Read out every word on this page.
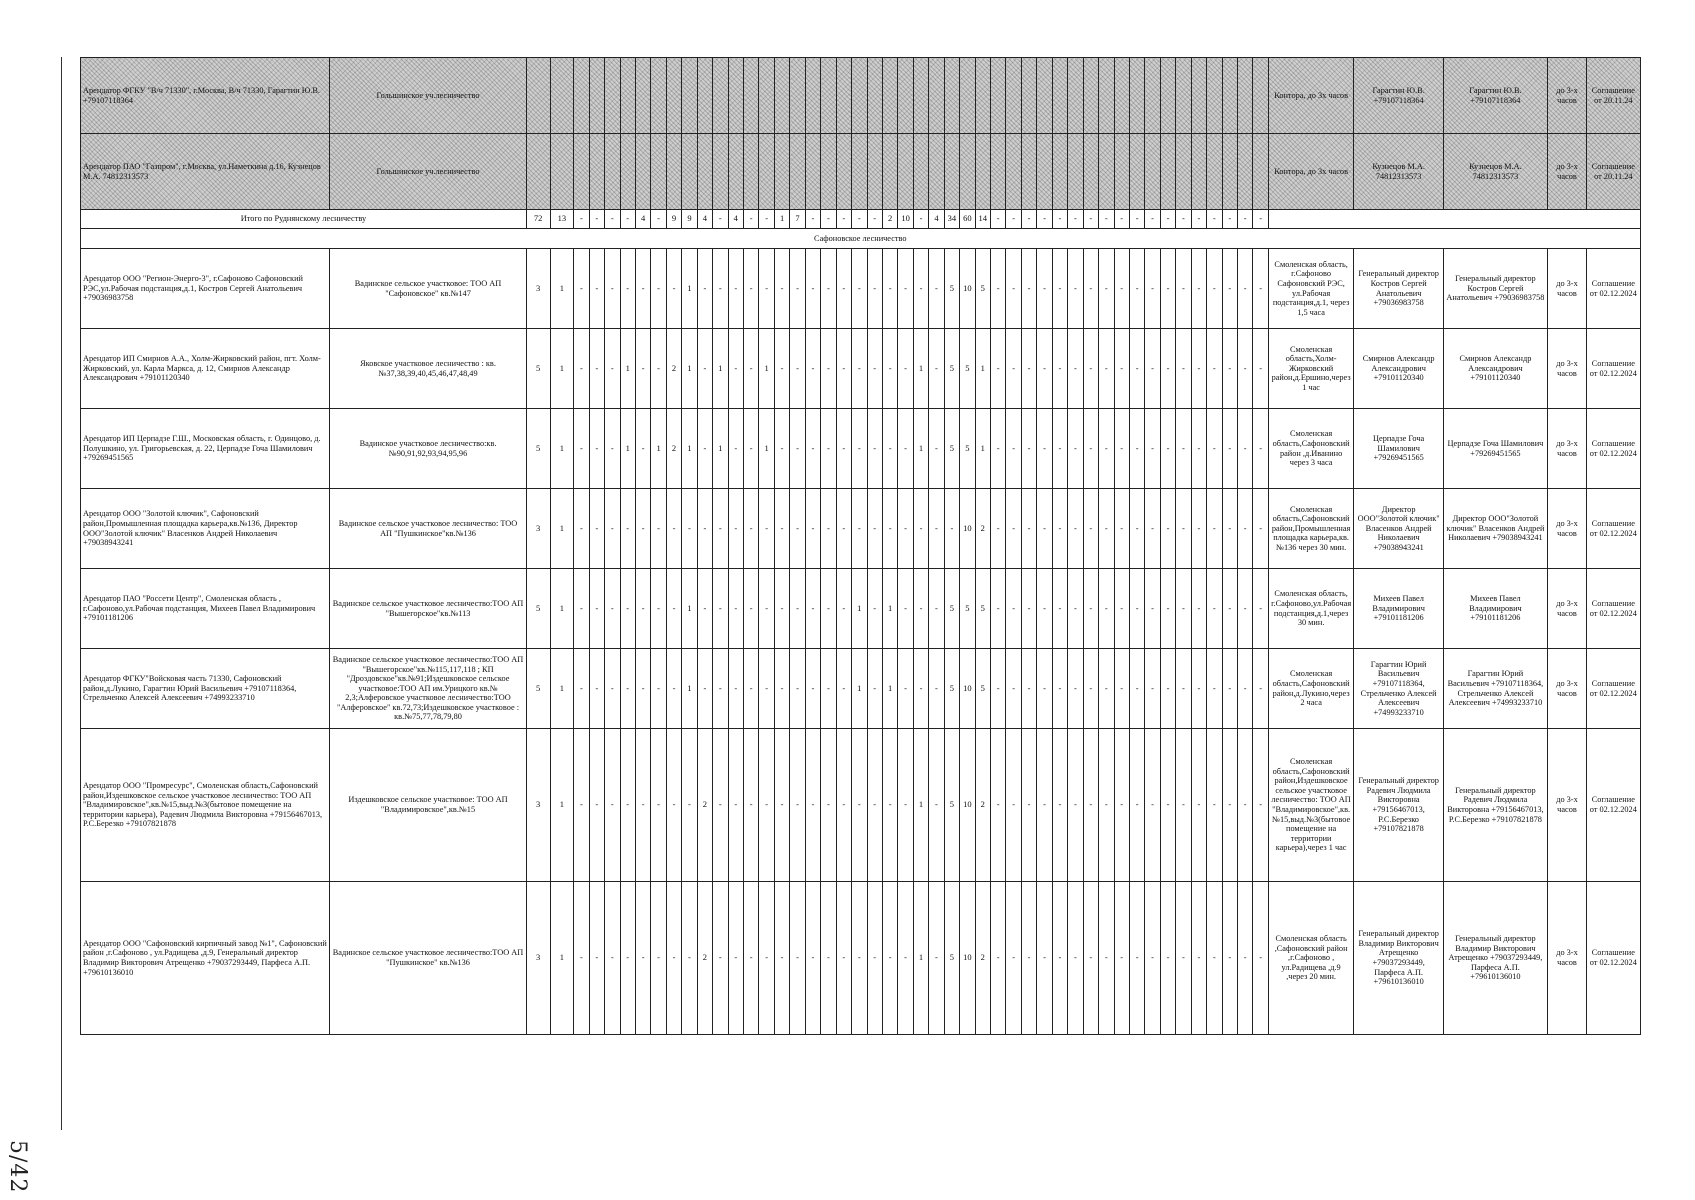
Арендатор ФГКУ "В/ч 71330", г.Москва, В/ч 71330, Гарагтин Ю.В. +79107118364	Гольшинское уч.лесничество																																																Контора, до 3х часов	Гарагтин Ю.В. +79107118364	Гарагтин Ю.В. +79107118364	до 3-х часов	Соглашение от 20.11.24
Арендатор ПАО "Газпром", г.Москва, ул.Наметкина д.16, Кузнецов М.А. 74812313573	Гольшинское уч.лесничество																																																Контора, до 3х часов	Кузнецов М.А. 74812313573	Кузнецов М.А. 74812313573	до 3-х часов	Соглашение от 20.11.24
Итого по Руднянскому лесничеству		72	13	-	-	-	-	4	-	9	9	4	-	4	-	-	1	7	-	-	-	-	-	2	10	-	4	34	60	14	-	-	-	-	-	-	-	-	-	-	-	-	-	-	-	-	-	-					
Сафоновское лесничество																																																					
Арендатор ООО "Регион-Энерго-3", г.Сафоново Сафоновский РЭС,ул.Рабочая подстанция,д.1, Костров Сергей Анатольевич +79036983758	Вадинское сельское участковое: ТОО АП "Сафоновское" кв.№147	3	1	-	-	-	-	-	-	-	1	-	-	-	-	-	-	-	-	-	-	-	-	-	-	-	-	5	10	5	-	-	-	-	-	-	-	-	-	-	-	-	-	-	-	-	-	-	Смоленская область, г.Сафоново Сафоновский РЭС, ул.Рабочая подстанция,д.1, через 1,5 часа	Генеральный директор Костров Сергей Анатольевич +79036983758	Генеральный директор Костров Сергей Анатольевич +79036983758	до 3-х часов	Соглашение от 02.12.2024
Арендатор ИП Смирнов А.А., Холм-Жирковский район, пгт. Холм-Жирковский, ул. Карла Маркса, д. 12, Смирнов Александр Александрович +79101120340	Яковское участковое лесничество : кв.№37,38,39,40,45,46,47,48,49	5	1	-	-	-	1	-	-	2	1	-	1	-	-	1	-	-	-	-	-	-	-	-	-	1	-	5	5	1	-	-	-	-	-	-	-	-	-	-	-	-	-	-	-	-	-	-	Смоленская область,Холм-Жирковский район,д.Ершино,через 1 час	Смирнов Александр Александрович +79101120340	Смирнов Александр Александрович +79101120340	до 3-х часов	Соглашение от 02.12.2024
Арендатор ИП Церпадзе Г.Ш., Московская область, г. Одинцово, д. Полушкино, ул. Григорьевская, д. 22, Церпадзе Гоча Шамилович +79269451565	Вадинское участковое лесничество:кв.№90,91,92,93,94,95,96	5	1	-	-	-	1	-	1	2	1	-	1	-	-	1	-	-	-	-	-	-	-	-	-	1	-	5	5	1	-	-	-	-	-	-	-	-	-	-	-	-	-	-	-	-	-	-	Смоленская область,Сафоновский район ,д.Иванино через 3 часа	Церпадзе Гоча Шамилович +79269451565	Церпадзе Гоча Шамилович +79269451565	до 3-х часов	Соглашение от 02.12.2024
Арендатор ООО "Золотой ключик", Сафоновский район,Промышленная площадка карьера,кв.№136, Директор ООО"Золотой ключик" Власенков Андрей Николаевич +79038943241	Вадинское сельское участковое лесничество: ТОО АП "Пушкинское"кв.№136	3	1	-	-	-	-	-	-	-	-	-	-	-	-	-	-	-	-	-	-	-	-	-	-	-	-	-	10	2	-	-	-	-	-	-	-	-	-	-	-	-	-	-	-	-	-	-	Смоленская область,Сафоновский район,Промышленная площадка карьера,кв.№136 через 30 мин.	Директор ООО"Золотой ключик" Власенков Андрей Николаевич +79038943241	Директор ООО"Золотой ключик" Власенков Андрей Николаевич +79038943241	до 3-х часов	Соглашение от 02.12.2024
Арендатор ПАО "Россети Центр", Смоленская область , г.Сафоново,ул.Рабочая подстанция, Михеев Павел Владимирович +79101181206	Вадинское сельское участковое лесничество:ТОО АП "Вышегорское"кв.№113	5	1	-	-	-	-	-	-	-	1	-	-	-	-	-	-	-	-	-	-	1	-	1	-	-	-	5	5	5	-	-	-	-	-	-	-	-	-	-	-	-	-	-	-	-	-	-	Смоленская область, г.Сафоново,ул.Рабочая подстанция,д.1,через 30 мин.	Михеев Павел Владимирович +79101181206	Михеев Павел Владимирович +79101181206	до 3-х часов	Соглашение от 02.12.2024
Арендатор ФГКУ"Войсковая часть 71330, Сафоновский район,д.Лукино, Гарагтин Юрий Васильевич +79107118364, Стрельченко Алексей Алексеевич +74993233710	Вадинское сельское участковое лесничество:ТОО АП "Вышегорское"кв.№115,117,118 ; КП "Дроздовское"кв.№91;Издешковское сельское участковое:ТОО АП им.Урицкого кв.№ 2,3;Алферовское участковое лесничество:ТОО "Алферовское" кв.72,73;Издешковское участковое : кв.№75,77,78,79,80	5	1	-	-	-	-	-	-	-	1	-	-	-	-	-	-	-	-	-	-	1	-	1	-	-	-	5	10	5	-	-	-	-	-	-	-	-	-	-	-	-	-	-	-	-	-	-	Смоленская область,Сафоновский район,д.Лукино,через 2 часа	Гарагтин Юрий Васильевич +79107118364, Стрельченко Алексей Алексеевич +74993233710	Гарагтин Юрий Васильевич +79107118364, Стрельченко Алексей Алексеевич +74993233710	до 3-х часов	Соглашение от 02.12.2024
Арендатор ООО "Промресурс", Смоленская область,Сафоновский район,Издешковское сельское участковое лесничество: ТОО АП "Владимировское",кв.№15,выд.№3(бытовое помещение на территории карьера), Радевич Людмила Викторовна +79156467013, Р.С.Березко +79107821878	Издешковское сельское участковое: ТОО АП "Владимировское",кв.№15	3	1	-	-	-	-	-	-	-	-	2	-	-	-	-	-	-	-	-	-	-	-	-	-	1	-	5	10	2	-	-	-	-	-	-	-	-	-	-	-	-	-	-	-	-	-	-	Смоленская область,Сафоновский район,Издешковское сельское участковое лесничество: ТОО АП "Владимировское",кв. №15,выд.№3(бытовое помещение на территории карьера),через 1 час	Генеральный директор Радевич Людмила Викторовна +79156467013, Р.С.Березко +79107821878	Генеральный директор Радевич Людмила Викторовна +79156467013, Р.С.Березко +79107821878	до 3-х часов	Соглашение от 02.12.2024
Арендатор ООО "Сафоновский кирпичный завод №1", Сафоновский район ,г.Сафоново , ул.Радищева ,д.9, Генеральный директор Владимир Викторович Атрещенко +79037293449, Парфеса А.П. +79610136010	Вадинское сельское участковое лесничество:ТОО АП "Пушкинское" кв.№136	3	1	-	-	-	-	-	-	-	-	2	-	-	-	-	-	-	-	-	-	-	-	-	-	1	-	5	10	2	-	-	-	-	-	-	-	-	-	-	-	-	-	-	-	-	-	-	Смоленская область ,Сафоновский район ,г.Сафоново , ул.Радищева ,д.9 ,через 20 мин.	Генеральный директор Владимир Викторович Атрещенко +79037293449, Парфеса А.П. +79610136010	Генеральный директор Владимир Викторович Атрещенко +79037293449, Парфеса А.П. +79610136010	до 3-х часов	Соглашение от 02.12.2024
5/42
